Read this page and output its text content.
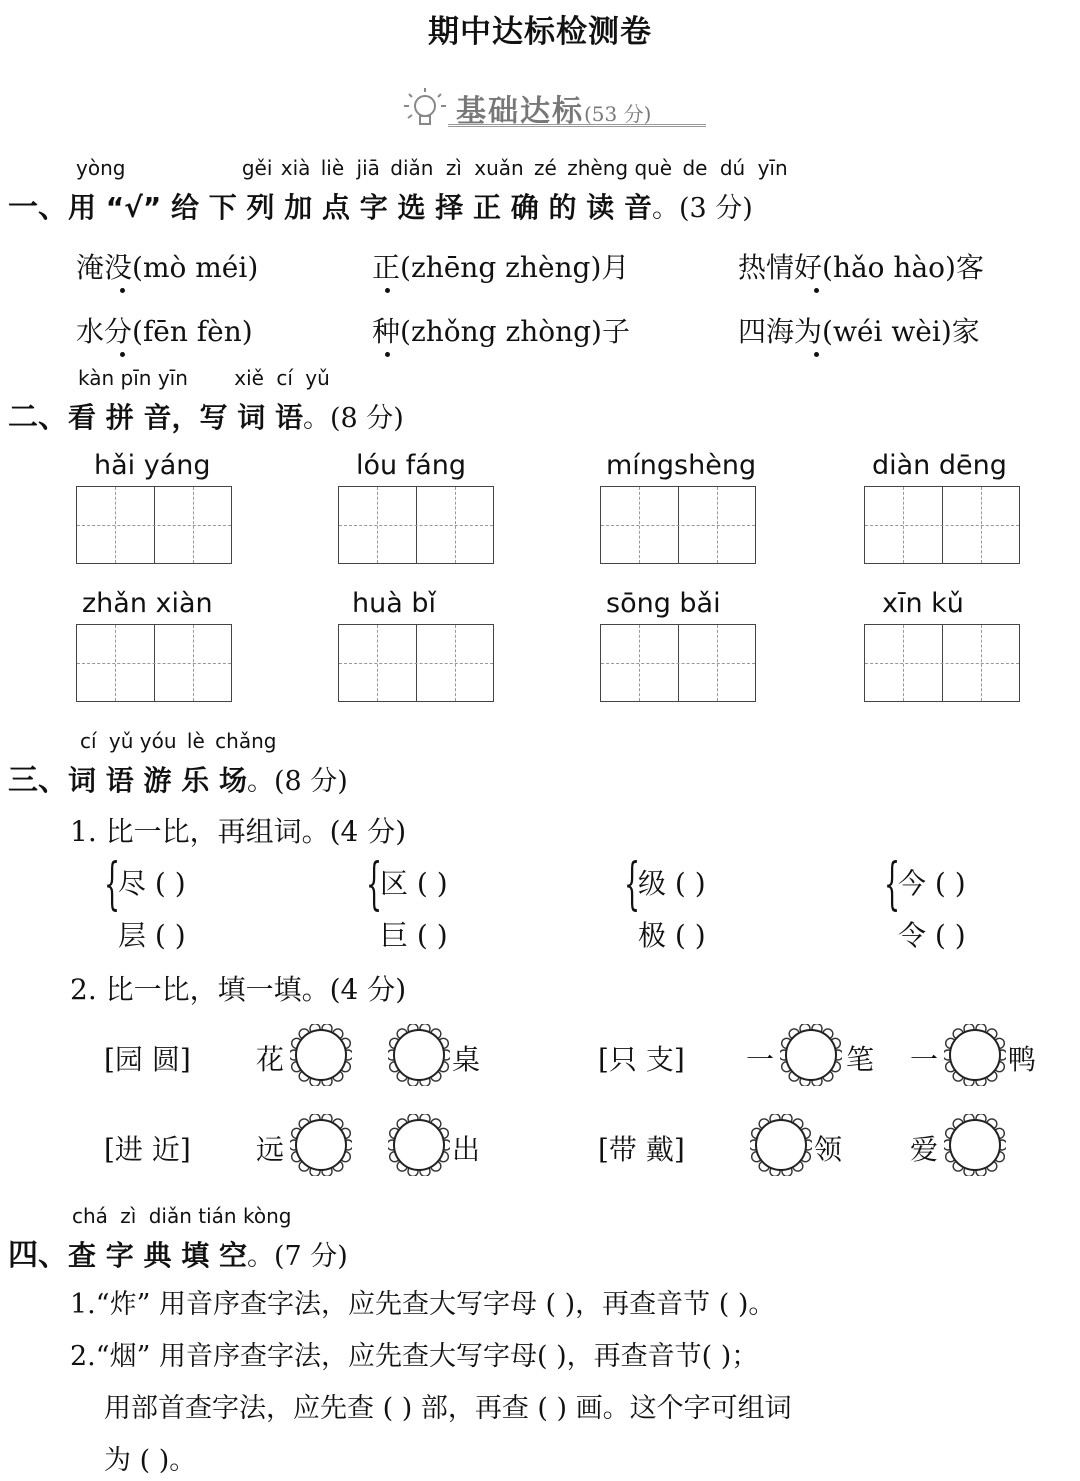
期中达标检测卷
基础达标(53 分)
yòng	gěi xià liè jiā diǎn zì xuǎn zé zhèng què de dú yīn
一、用 “√” 给 下 列 加 点 字 选 择 正 确 的 读 音。(3 分)
淹没(mò méi)	正(zhēng zhèng)月	热情好(hǎo hào)客
水分(fēn fèn)	种(zhǒng zhòng)子	四海为(wéi wèi)家
kàn pīn yīn xiě cí yǔ
二、看 拼 音，写 词 语。(8 分)
hǎi yáng	lóu fáng	míngshèng	diàn dēng
zhǎn xiàn	huà bǐ	sōng bǎi	xīn kǔ
cí yǔ yóu lè chǎng
三、词 语 游 乐 场。(8 分)
1. 比一比，再组词。(4 分)
{
尽 ( )
层 ( )
{
区 ( )
巨 ( )
{
级 ( )
极 ( )
{
今 ( )
令 ( )
2. 比一比，填一填。(4 分)
[园 圆] 花	桌	[只 支] 一	笔 一 鸭
[进 近] 远	出	[带 戴]	领 爱
chá zì diǎn tián kòng
四、查 字 典 填 空。(7 分)
1.“炸” 用音序查字法，应先查大写字母 ( )，再查音节 ( )。
2.“烟” 用音序查字法，应先查大写字母( )，再查音节( )；
用部首查字法，应先查 ( ) 部，再查 ( ) 画。这个字可组词
为 ( )。
